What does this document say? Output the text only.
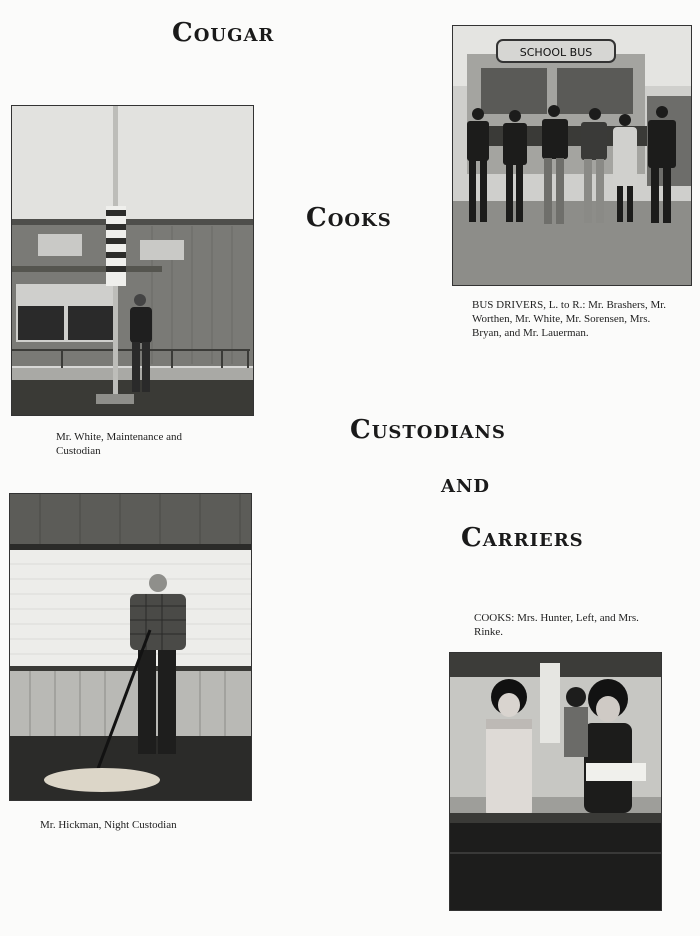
Cougar
Cooks
Custodians
and
Carriers
SCHOOL BUS
BUS DRIVERS, L. to R.: Mr. Brashers, Mr. Worthen, Mr. White, Mr. Sorensen, Mrs. Bryan, and Mr. Lauerman.
Mr. White, Maintenance and Custodian
COOKS: Mrs. Hunter, Left, and Mrs. Rinke.
Mr. Hickman, Night Custodian
